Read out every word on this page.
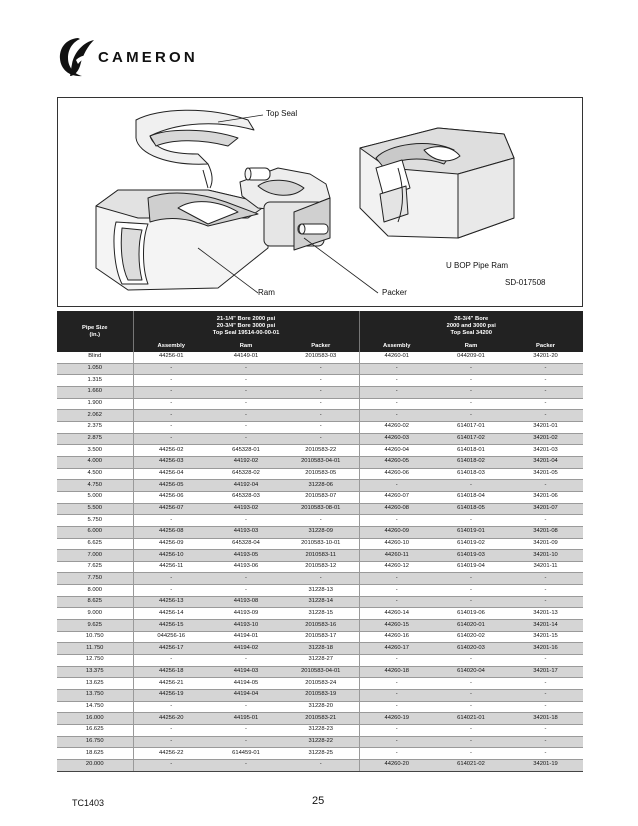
CAMERON
Top Seal
Ram	Packer
U BOP Pipe Ram
SD-017508
Pipe Size
(in.)	21-1/4" Bore 2000 psi
20-3/4" Bore 3000 psi
Top Seal 19514-00-00-01			26-3/4" Bore
2000 and 3000 psi
Top Seal 34200		

	Assembly	Ram	Packer	Assembly	Ram	Packer
Blind	44256-01	44149-01	2010583-03	44260-01	044209-01	34201-20
1.050	-	-	-	-	-	-
1.315	-	-	-	-	-	-
1.660	-	-	-	-	-	-
1.900	-	-	-	-	-	-
2.062	-	-	-	-	-	-
2.375	-	-	-	44260-02	614017-01	34201-01
2.875	-	-	-	44260-03	614017-02	34201-02
3.500	44256-02	645328-01	2010583-22	44260-04	614018-01	34201-03
4.000	44256-03	44192-02	2010583-04-01	44260-05	614018-02	34201-04
4.500	44256-04	645328-02	2010583-05	44260-06	614018-03	34201-05
4.750	44256-05	44192-04	31228-06	-	-	-
5.000	44256-06	645328-03	2010583-07	44260-07	614018-04	34201-06
5.500	44256-07	44193-02	2010583-08-01	44260-08	614018-05	34201-07
5.750	-	-	-	-	-	-
6.000	44256-08	44193-03	31228-09	44260-09	614019-01	34201-08
6.625	44256-09	645328-04	2010583-10-01	44260-10	614019-02	34201-09
7.000	44256-10	44193-05	2010583-11	44260-11	614019-03	34201-10
7.625	44256-11	44193-06	2010583-12	44260-12	614019-04	34201-11
7.750	-	-	-	-	-	-
8.000	-	-	31228-13	-	-	-
8.625	44256-13	44193-08	31228-14	-	-	-
9.000	44256-14	44193-09	31228-15	44260-14	614019-06	34201-13
9.625	44256-15	44193-10	2010583-16	44260-15	614020-01	34201-14
10.750	044256-16	44194-01	2010583-17	44260-16	614020-02	34201-15
11.750	44256-17	44194-02	31228-18	44260-17	614020-03	34201-16
12.750	-	-	31228-27	-	-	-
13.375	44256-18	44194-03	2010583-04-01	44260-18	614020-04	34201-17
13.625	44256-21	44194-05	2010583-24	-	-	-
13.750	44256-19	44194-04	2010583-19	-	-	-
14.750	-	-	31228-20	-	-	-
16.000	44256-20	44195-01	2010583-21	44260-19	614021-01	34201-18
16.625	-	-	31228-23	-	-	-
16.750	-	-	31228-22	-	-	-
18.625	44256-22	614459-01	31228-25	-	-	-
20.000	-	-	-	44260-20	614021-02	34201-19
TC1403	25
